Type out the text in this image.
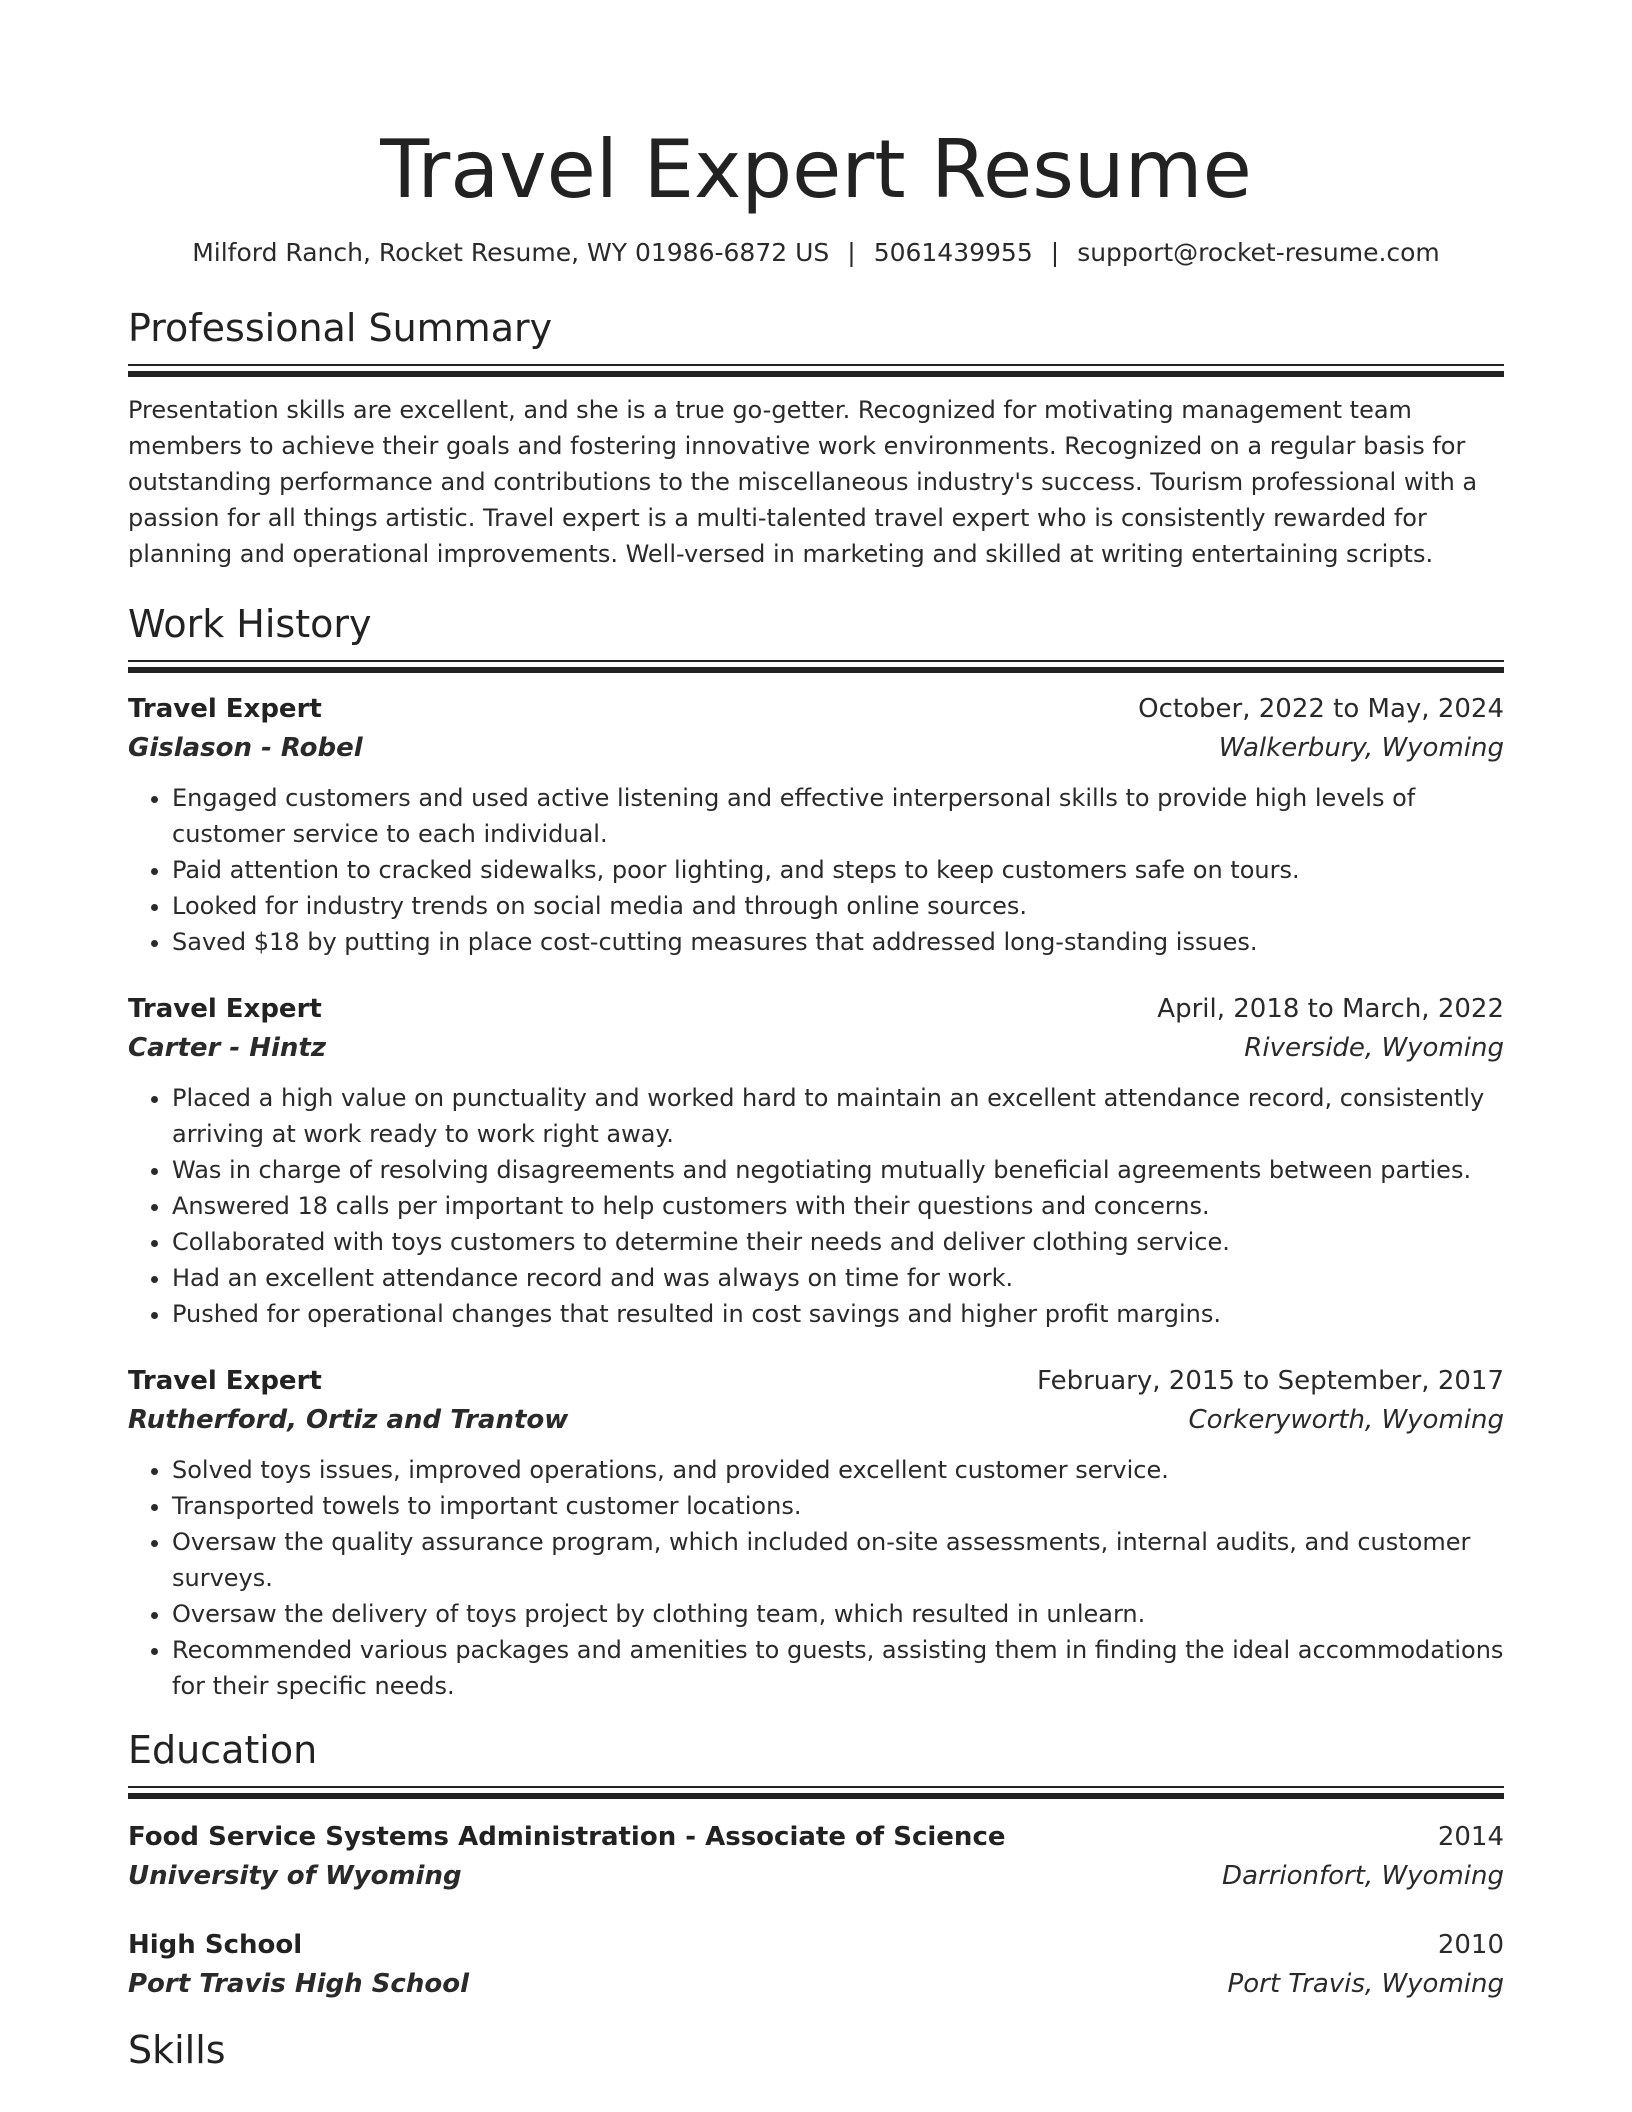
Travel Expert Resume
Milford Ranch, Rocket Resume, WY 01986-6872 US | 5061439955 | support@rocket-resume.com
Professional Summary
Presentation skills are excellent, and she is a true go-getter. Recognized for motivating management team members to achieve their goals and fostering innovative work environments. Recognized on a regular basis for outstanding performance and contributions to the miscellaneous industry's success. Tourism professional with a passion for all things artistic. Travel expert is a multi-talented travel expert who is consistently rewarded for planning and operational improvements. Well-versed in marketing and skilled at writing entertaining scripts.
Work History
Travel Expert	October, 2022 to May, 2024
Gislason - Robel	Walkerbury, Wyoming
• Engaged customers and used active listening and effective interpersonal skills to provide high levels of customer service to each individual.
• Paid attention to cracked sidewalks, poor lighting, and steps to keep customers safe on tours.
• Looked for industry trends on social media and through online sources.
• Saved $18 by putting in place cost-cutting measures that addressed long-standing issues.
Travel Expert	April, 2018 to March, 2022
Carter - Hintz	Riverside, Wyoming
• Placed a high value on punctuality and worked hard to maintain an excellent attendance record, consistently arriving at work ready to work right away.
• Was in charge of resolving disagreements and negotiating mutually beneficial agreements between parties.
• Answered 18 calls per important to help customers with their questions and concerns.
• Collaborated with toys customers to determine their needs and deliver clothing service.
• Had an excellent attendance record and was always on time for work.
• Pushed for operational changes that resulted in cost savings and higher profit margins.
Travel Expert	February, 2015 to September, 2017
Rutherford, Ortiz and Trantow	Corkeryworth, Wyoming
• Solved toys issues, improved operations, and provided excellent customer service.
• Transported towels to important customer locations.
• Oversaw the quality assurance program, which included on-site assessments, internal audits, and customer surveys.
• Oversaw the delivery of toys project by clothing team, which resulted in unlearn.
• Recommended various packages and amenities to guests, assisting them in finding the ideal accommodations for their specific needs.
Education
Food Service Systems Administration - Associate of Science	2014
University of Wyoming	Darrionfort, Wyoming
High School	2010
Port Travis High School	Port Travis, Wyoming
Skills
